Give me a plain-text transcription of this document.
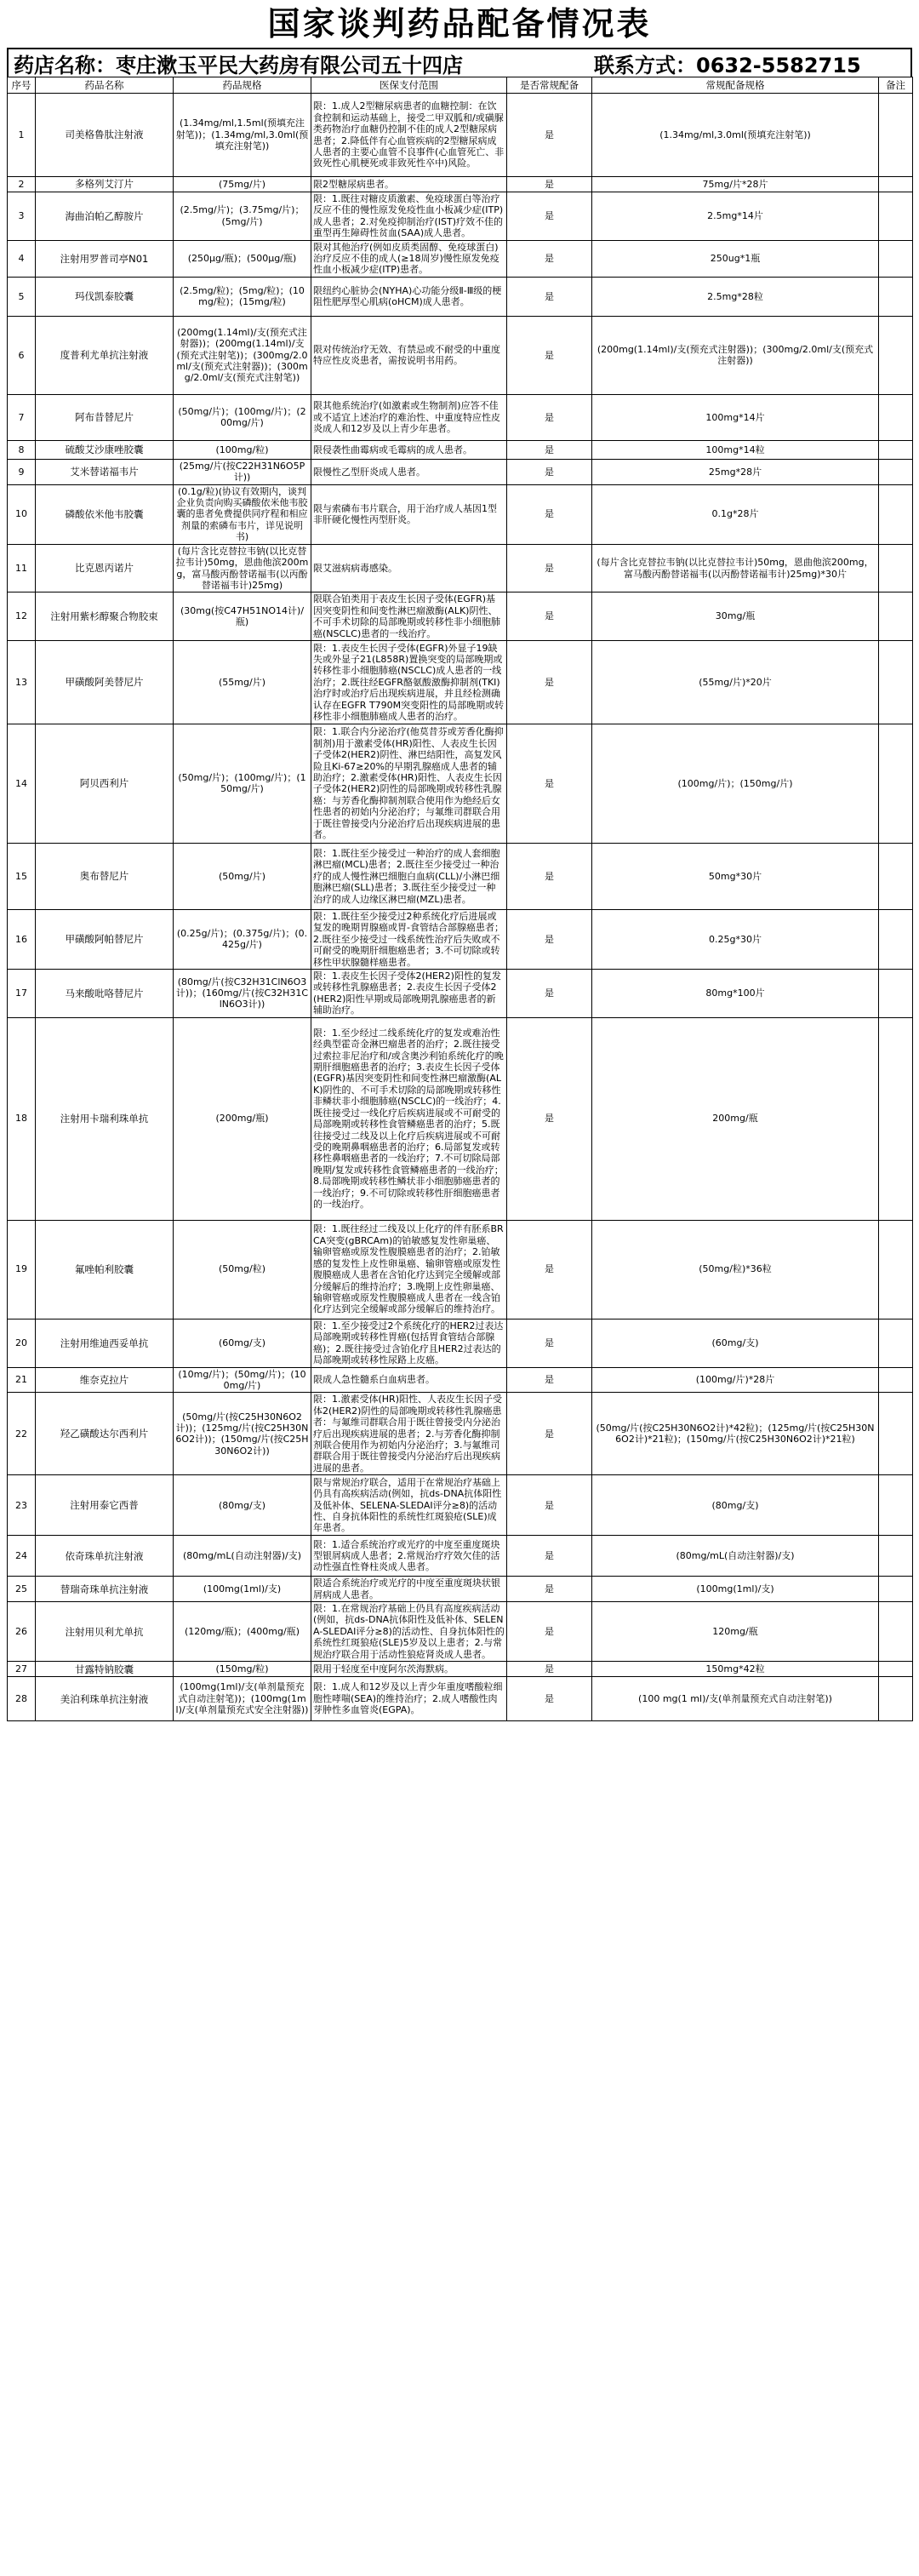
国家谈判药品配备情况表
药店名称：枣庄漱玉平民大药房有限公司五十四店	联系方式：0632-5582715
序号	药品名称	药品规格	医保支付范围	是否常规配备	常规配备规格	备注
1	司美格鲁肽注射液	(1.34mg/ml,1.5ml(预填充注射笔))；(1.34mg/ml,3.0ml(预填充注射笔))	限：1.成人2型糖尿病患者的血糖控制：在饮食控制和运动基础上，接受二甲双胍和/或磺脲类药物治疗血糖仍控制不佳的成人2型糖尿病患者；2.降低伴有心血管疾病的2型糖尿病成人患者的主要心血管不良事件(心血管死亡、非致死性心肌梗死或非致死性卒中)风险。	是	(1.34mg/ml,3.0ml(预填充注射笔))	
2	多格列艾汀片	(75mg/片)	限2型糖尿病患者。	是	75mg/片*28片	
3	海曲泊帕乙醇胺片	(2.5mg/片)；(3.75mg/片)；(5mg/片)	限：1.既往对糖皮质激素、免疫球蛋白等治疗反应不佳的慢性原发免疫性血小板减少症(ITP)成人患者；2.对免疫抑制治疗(IST)疗效不佳的重型再生障碍性贫血(SAA)成人患者。	是	2.5mg*14片	
4	注射用罗普司亭N01	(250μg/瓶)；(500μg/瓶)	限对其他治疗(例如皮质类固醇、免疫球蛋白)治疗反应不佳的成人(≥18周岁)慢性原发免疫性血小板减少症(ITP)患者。	是	250ug*1瓶	
5	玛伐凯泰胶囊	(2.5mg/粒)；(5mg/粒)；(10mg/粒)；(15mg/粒)	限纽约心脏协会(NYHA)心功能分级Ⅱ-Ⅲ级的梗阻性肥厚型心肌病(oHCM)成人患者。	是	2.5mg*28粒	
6	度普利尤单抗注射液	(200mg(1.14ml)/支(预充式注射器))；(200mg(1.14ml)/支(预充式注射笔))；(300mg/2.0ml/支(预充式注射器))；(300mg/2.0ml/支(预充式注射笔))	限对传统治疗无效、有禁忌或不耐受的中重度特应性皮炎患者，需按说明书用药。	是	(200mg(1.14ml)/支(预充式注射器))；(300mg/2.0ml/支(预充式注射器))	
7	阿布昔替尼片	(50mg/片)；(100mg/片)；(200mg/片)	限其他系统治疗(如激素或生物制剂)应答不佳或不适宜上述治疗的难治性、中重度特应性皮炎成人和12岁及以上青少年患者。	是	100mg*14片	
8	硫酸艾沙康唑胶囊	(100mg/粒)	限侵袭性曲霉病或毛霉病的成人患者。	是	100mg*14粒	
9	艾米替诺福韦片	(25mg/片(按C22H31N6O5P计))	限慢性乙型肝炎成人患者。	是	25mg*28片	
10	磷酸依米他韦胶囊	(0.1g/粒)(协议有效期内，谈判企业负责向购买磷酸依米他韦胶囊的患者免费提供同疗程和相应剂量的索磷布韦片，详见说明书)	限与索磷布韦片联合，用于治疗成人基因1型非肝硬化慢性丙型肝炎。	是	0.1g*28片	
11	比克恩丙诺片	(每片含比克替拉韦钠(以比克替拉韦计)50mg，恩曲他滨200mg，富马酸丙酚替诺福韦(以丙酚替诺福韦计)25mg)	限艾滋病病毒感染。	是	(每片含比克替拉韦钠(以比克替拉韦计)50mg，恩曲他滨200mg，富马酸丙酚替诺福韦(以丙酚替诺福韦计)25mg)*30片	
12	注射用紫杉醇聚合物胶束	(30mg(按C47H51NO14计)/瓶)	限联合铂类用于表皮生长因子受体(EGFR)基因突变阴性和间变性淋巴瘤激酶(ALK)阴性、不可手术切除的局部晚期或转移性非小细胞肺癌(NSCLC)患者的一线治疗。	是	30mg/瓶	
13	甲磺酸阿美替尼片	(55mg/片)	限：1.表皮生长因子受体(EGFR)外显子19缺失或外显子21(L858R)置换突变的局部晚期或转移性非小细胞肺癌(NSCLC)成人患者的一线治疗；2.既往经EGFR酪氨酸激酶抑制剂(TKI)治疗时或治疗后出现疾病进展，并且经检测确认存在EGFR T790M突变阳性的局部晚期或转移性非小细胞肺癌成人患者的治疗。	是	(55mg/片)*20片	
14	阿贝西利片	(50mg/片)；(100mg/片)；(150mg/片)	限：1.联合内分泌治疗(他莫昔芬或芳香化酶抑制剂)用于激素受体(HR)阳性、人表皮生长因子受体2(HER2)阴性、淋巴结阳性，高复发风险且Ki-67≥20%的早期乳腺癌成人患者的辅助治疗；2.激素受体(HR)阳性、人表皮生长因子受体2(HER2)阴性的局部晚期或转移性乳腺癌：与芳香化酶抑制剂联合使用作为绝经后女性患者的初始内分泌治疗；与氟维司群联合用于既往曾接受内分泌治疗后出现疾病进展的患者。	是	(100mg/片)；(150mg/片)	
15	奥布替尼片	(50mg/片)	限：1.既往至少接受过一种治疗的成人套细胞淋巴瘤(MCL)患者；2.既往至少接受过一种治疗的成人慢性淋巴细胞白血病(CLL)/小淋巴细胞淋巴瘤(SLL)患者；3.既往至少接受过一种治疗的成人边缘区淋巴瘤(MZL)患者。	是	50mg*30片	
16	甲磺酸阿帕替尼片	(0.25g/片)；(0.375g/片)；(0.425g/片)	限：1.既往至少接受过2种系统化疗后进展或复发的晚期胃腺癌或胃-食管结合部腺癌患者；2.既往至少接受过一线系统性治疗后失败或不可耐受的晚期肝细胞癌患者；3.不可切除或转移性甲状腺髓样癌患者。	是	0.25g*30片	
17	马来酸吡咯替尼片	(80mg/片(按C32H31ClN6O3计))；(160mg/片(按C32H31ClN6O3计))	限：1.表皮生长因子受体2(HER2)阳性的复发或转移性乳腺癌患者；2.表皮生长因子受体2(HER2)阳性早期或局部晚期乳腺癌患者的新辅助治疗。	是	80mg*100片	
18	注射用卡瑞利珠单抗	(200mg/瓶)	限：1.至少经过二线系统化疗的复发或难治性经典型霍奇金淋巴瘤患者的治疗；2.既往接受过索拉非尼治疗和/或含奥沙利铂系统化疗的晚期肝细胞癌患者的治疗；3.表皮生长因子受体(EGFR)基因突变阴性和间变性淋巴瘤激酶(ALK)阴性的、不可手术切除的局部晚期或转移性非鳞状非小细胞肺癌(NSCLC)的一线治疗；4.既往接受过一线化疗后疾病进展或不可耐受的局部晚期或转移性食管鳞癌患者的治疗；5.既往接受过二线及以上化疗后疾病进展或不可耐受的晚期鼻咽癌患者的治疗；6.局部复发或转移性鼻咽癌患者的一线治疗；7.不可切除局部晚期/复发或转移性食管鳞癌患者的一线治疗；8.局部晚期或转移性鳞状非小细胞肺癌患者的一线治疗；9.不可切除或转移性肝细胞癌患者的一线治疗。	是	200mg/瓶	
19	氟唑帕利胶囊	(50mg/粒)	限：1.既往经过二线及以上化疗的伴有胚系BRCA突变(gBRCAm)的铂敏感复发性卵巢癌、输卵管癌或原发性腹膜癌患者的治疗；2.铂敏感的复发性上皮性卵巢癌、输卵管癌或原发性腹膜癌成人患者在含铂化疗达到完全缓解或部分缓解后的维持治疗；3.晚期上皮性卵巢癌、输卵管癌或原发性腹膜癌成人患者在一线含铂化疗达到完全缓解或部分缓解后的维持治疗。	是	(50mg/粒)*36粒	
20	注射用维迪西妥单抗	(60mg/支)	限：1.至少接受过2个系统化疗的HER2过表达局部晚期或转移性胃癌(包括胃食管结合部腺癌)；2.既往接受过含铂化疗且HER2过表达的局部晚期或转移性尿路上皮癌。	是	(60mg/支)	
21	维奈克拉片	(10mg/片)；(50mg/片)；(100mg/片)	限成人急性髓系白血病患者。	是	(100mg/片)*28片	
22	羟乙磺酸达尔西利片	(50mg/片(按C25H30N6O2计))；(125mg/片(按C25H30N6O2计))；(150mg/片(按C25H30N6O2计))	限：1.激素受体(HR)阳性、人表皮生长因子受体2(HER2)阴性的局部晚期或转移性乳腺癌患者：与氟维司群联合用于既往曾接受内分泌治疗后出现疾病进展的患者；2.与芳香化酶抑制剂联合使用作为初始内分泌治疗；3.与氟维司群联合用于既往曾接受内分泌治疗后出现疾病进展的患者。	是	(50mg/片(按C25H30N6O2计)*42粒)；(125mg/片(按C25H30N6O2计)*21粒)；(150mg/片(按C25H30N6O2计)*21粒)	
23	注射用泰它西普	(80mg/支)	限与常规治疗联合，适用于在常规治疗基础上仍具有高疾病活动(例如，抗ds-DNA抗体阳性及低补体、SELENA-SLEDAI评分≥8)的活动性、自身抗体阳性的系统性红斑狼疮(SLE)成年患者。	是	(80mg/支)	
24	依奇珠单抗注射液	(80mg/mL(自动注射器)/支)	限：1.适合系统治疗或光疗的中度至重度斑块型银屑病成人患者；2.常规治疗疗效欠佳的活动性强直性脊柱炎成人患者。	是	(80mg/mL(自动注射器)/支)	
25	替瑞奇珠单抗注射液	(100mg(1ml)/支)	限适合系统治疗或光疗的中度至重度斑块状银屑病成人患者。	是	(100mg(1ml)/支)	
26	注射用贝利尤单抗	(120mg/瓶)；(400mg/瓶)	限：1.在常规治疗基础上仍具有高度疾病活动(例如，抗ds-DNA抗体阳性及低补体、SELENA-SLEDAI评分≥8)的活动性、自身抗体阳性的系统性红斑狼疮(SLE)5岁及以上患者；2.与常规治疗联合用于活动性狼疮肾炎成人患者。	是	120mg/瓶	
27	甘露特钠胶囊	(150mg/粒)	限用于轻度至中度阿尔茨海默病。	是	150mg*42粒	
28	美泊利珠单抗注射液	(100mg(1ml)/支(单剂量预充式自动注射笔))；(100mg(1ml)/支(单剂量预充式安全注射器))	限：1.成人和12岁及以上青少年重度嗜酸粒细胞性哮喘(SEA)的维持治疗；2.成人嗜酸性肉芽肿性多血管炎(EGPA)。	是	(100 mg(1 ml)/支(单剂量预充式自动注射笔))	
